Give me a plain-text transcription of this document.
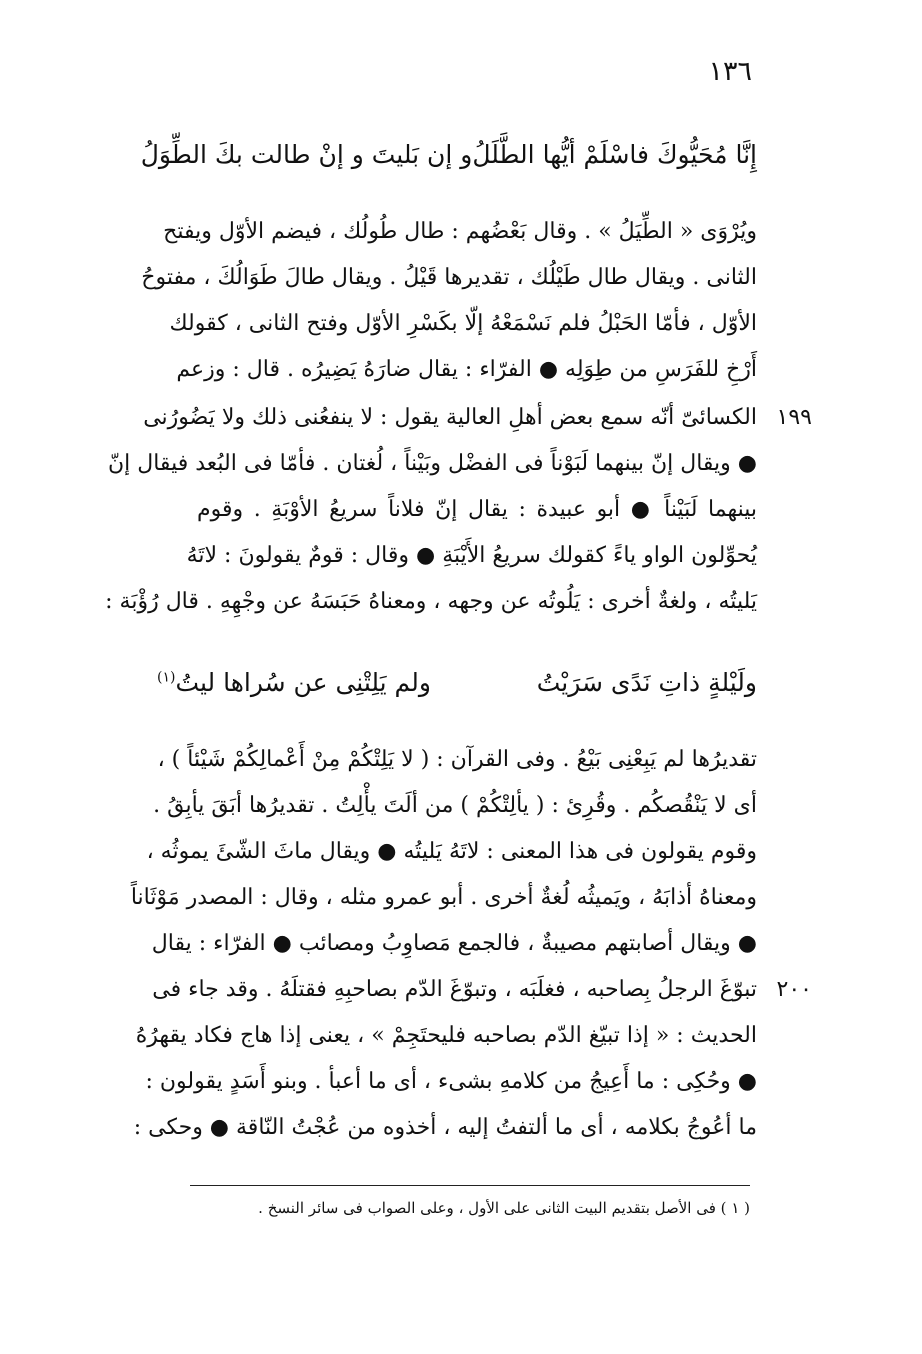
١٣٦
إِنَّا مُحَيُّوكَ فاسْلَمْ أيُّها الطَّلَلُ
و إن بَليتَ و إنْ طالت بكَ الطِّوَلُ
ويُرْوَى « الطِّيَلُ » . وقال بَعْضُهم : طال طُولُك ، فيضم الأوّل ويفتح
الثانى . ويقال طال طَيْلُك ، تقديرها قَيْلُ . ويقال طالَ طَوَالُكَ ، مفتوحُ
الأوّل ، فأمّا الحَبْلُ فلم نَسْمَعْهُ إلّا بكَسْرِ الأوّل وفتح الثانى ، كقولك
أَرْخِ للفَرَسِ من طِوَلِه ● الفرّاء : يقال ضارَهُ يَضِيرُه . قال : وزعم
١٩٩
الكسائىّ أنّه سمع بعض أهلِ العالية يقول : لا ينفعُنى ذلك ولا يَضُورُنى
● ويقال إنّ بينهما لَبَوْناً فى الفضْل وبَيْناً ، لُغتان . فأمّا فى البُعد فيقال إنّ
بينهما لَبَيْناً ● أبو عبيدة : يقال إنّ فلاناً سريعُ الأوْبَةِ . وقوم
يُحوِّلون الواو ياءً كقولك سريعُ الأَيْبَةِ ● وقال : قومٌ يقولونَ : لاتَهُ
يَليتُه ، ولغةٌ أخرى : يَلُوتُه عن وجهه ، ومعناهُ حَبَسَهُ عن وجْهِهِ . قال رُؤْبَة :
ولَيْلةٍ ذاتِ نَدًى سَرَيْتُ
ولم يَلِتْنِى عن سُراها ليتُ$^{(١)}$
تقديرُها لم يَبِعْنِى بَيْعُ . وفى القرآن : ( لا يَلِتْكُمْ مِنْ أَعْمالِكُمْ شَيْئاً ) ،
أى لا يَنْقُصكُم . وقُرِئ : ( يألِتْكُمْ ) من ألَتَ يأْلِتُ . تقديرُها أبَقَ يأبِقُ .
وقوم يقولون فى هذا المعنى : لاتَهُ يَليتُه ● ويقال ماثَ الشّئَ يموثُه ،
ومعناهُ أذابَهُ ، ويَميثُه لُغةٌ أخرى . أبو عمرو مثله ، وقال : المصدر مَوْثَاناً
● ويقال أصابتهم مصيبةٌ ، فالجمع مَصاوِبُ ومصائب ● الفرّاء : يقال
٢٠٠
تبوّغَ الرجلُ بِصاحبه ، فغلَبَه ، وتبوّغَ الدّم بصاحبِهِ فقتلَهُ . وقد جاء فى
الحديث : « إذا تبيّغ الدّم بصاحبه فليحتَجِمْ » ، يعنى إذا هاج فكاد يقهرُهُ
● وحُكِى : ما أَعِيجُ من كلامهِ بشىء ، أى ما أعبأ . وبنو أَسَدٍ يقولون :
ما أعُوجُ بكلامه ، أى ما ألتفتُ إليه ، أخذوه من عُجْتُ النّاقة ● وحكى :
( ١ ) فى الأصل بتقديم البيت الثانى على الأول ، وعلى الصواب فى سائر النسخ .
